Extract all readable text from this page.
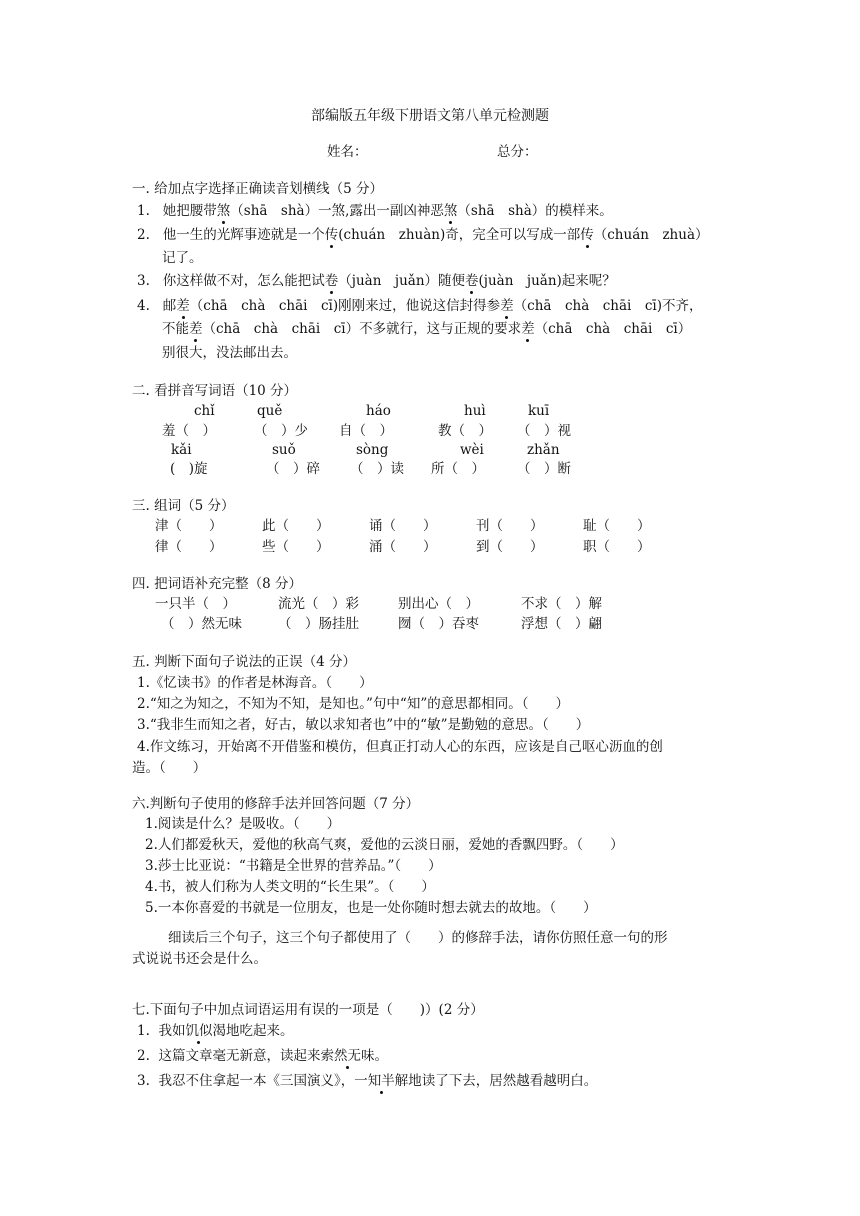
部编版五年级下册语文第八单元检测题
姓名：	总分：
一. 给加点字选择正确读音划横线（5 分）
1. 她把腰带煞（shā　shà）一煞,露出一副凶神恶煞（shā　shà）的模样来。
2. 他一生的光辉事迹就是一个传(chuán　zhuàn)奇，完全可以写成一部传（chuán　zhuà）
记了。
3. 你这样做不对，怎么能把试卷（juàn　juǎn）随便卷(juàn　juǎn)起来呢？
4. 邮差（chā　chà　chāi　cī)刚刚来过，他说这信封得参差（chā　chà　chāi　cī)不齐，
不能差（chā　chà　chāi　cī）不多就行，这与正规的要求差（chā　chà　chāi　cī）
别很大，没法邮出去。
二. 看拼音写词语（10 分）
chǐ	quě	háo	huì	kuī
羞（　）	（　）少 自（　）	教（　） （　）视
kǎi	suǒ	sòng	wèi	zhǎn
(　)旋	（　）碎 （　）读 所（　） （　）断
三. 组词（5 分）
津（　　）	此（　　）	诵（　　）	刊（　　）	耻（　　）
律（　　）	些（　　）	涌（　　）	到（　　）	职（　　）
四. 把词语补充完整（8 分）
一只半（　）	流光（　）彩	别出心（　）	不求（　）解
（　）然无味	（　）肠挂肚	囫（　）吞枣	浮想（　）翩
五. 判断下面句子说法的正误（4 分）
1.《忆读书》的作者是林海音。（　　）
2.“知之为知之，不知为不知，是知也。”句中“知”的意思都相同。（　　）
3.“我非生而知之者，好古，敏以求知者也”中的“敏”是勤勉的意思。（　　）
4.作文练习，开始离不开借鉴和模仿，但真正打动人心的东西，应该是自己呕心沥血的创
造。（　　）
六.判断句子使用的修辞手法并回答问题（7 分）
1.阅读是什么？是吸收。（　　）
2.人们都爱秋天，爱他的秋高气爽，爱他的云淡日丽，爱她的香飘四野。（　　）
3.莎士比亚说：“书籍是全世界的营养品。”（　　）
4.书，被人们称为人类文明的“长生果”。（　　）
5.一本你喜爱的书就是一位朋友，也是一处你随时想去就去的故地。（　　）
细读后三个句子，这三个句子都使用了（　　）的修辞手法，请你仿照任意一句的形
式说说书还会是什么。
七.下面句子中加点词语运用有误的一项是（　　)）(2 分）
1. 我如饥似渴地吃起来。
2. 这篇文章毫无新意，读起来索然无味。
3. 我忍不住拿起一本《三国演义》，一知半解地读了下去，居然越看越明白。
